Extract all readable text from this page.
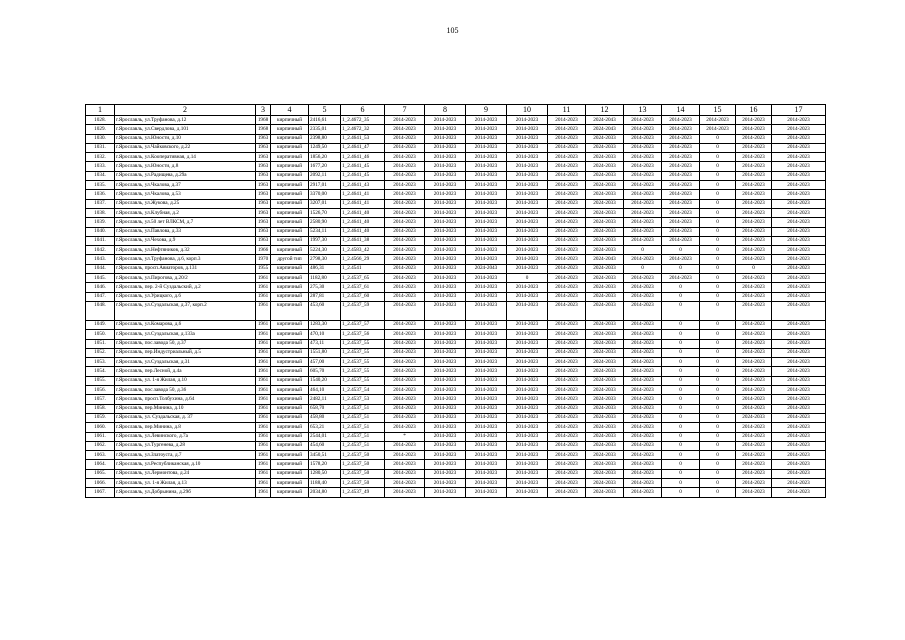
105
1	2	3	4	5	6	7	8	9	10	11	12	13	14	15	16	17
1028.	г.Ярославль, ул.Труфанова, д.12	1968	кирпичный	2416,61	1_2.4672_35	2014-2023	2014-2023	2014-2023	2014-2023	2014-2023	2024-2043	2014-2023	2014-2023	2014-2023	2014-2023	2014-2023
1029.	г.Ярославль, ул.Свердлова, д.101	1968	кирпичный	2335,01	1_2.4672_32	2014-2023	2014-2023	2014-2023	2014-2023	2014-2023	2024-2043	2014-2023	2014-2023	2014-2023	2014-2023	2014-2023
1030.	г.Ярославль, ул.Юности, д.10	1963	кирпичный	2398,80	1_2.4641_53	2014-2023	2014-2023	2014-2023	2014-2023	2014-2023	2024-2033	2014-2023	2014-2023	0	2014-2023	2014-2023
1031.	г.Ярославль, ул.Чайковского, д.22	1963	кирпичный	1249,50	1_2.4641_47	2014-2023	2014-2023	2014-2023	2014-2023	2014-2023	2024-2033	2014-2023	2014-2023	0	2014-2023	2014-2023
1032.	г.Ярославль, ул.Кооперативная, д.14	1963	кирпичный	1856,20	1_2.4641_46	2014-2023	2014-2023	2014-2023	2014-2023	2014-2023	2024-2033	2014-2023	2014-2023	0	2014-2023	2014-2023
1033.	г.Ярославль, ул.Юности, д.8	1963	кирпичный	1677,20	1_2.4641_45	2014-2023	2014-2023	2014-2023	2014-2023	2014-2023	2024-2033	2014-2023	2014-2023	0	2014-2023	2014-2023
1034.	г.Ярославль, ул.Радищева, д.29а	1963	кирпичный	2092,11	1_2.4641_45	2014-2023	2014-2023	2014-2023	2014-2023	2014-2023	2024-2033	2014-2023	2014-2023	0	2014-2023	2014-2023
1035.	г.Ярославль, ул.Чкалова, д.37	1963	кирпичный	2917,01	1_2.4641_43	2014-2023	2014-2023	2014-2023	2014-2023	2014-2023	2024-2033	2014-2023	2014-2023	0	2014-2023	2014-2023
1036.	г.Ярославль, ул.Чкалова, д.53	1963	кирпичный	3370,00	1_2.4641_41	2014-2023	2014-2023	2014-2023	2014-2023	2014-2023	2024-2033	2014-2023	2014-2023	0	2014-2023	2014-2023
1037.	г.Ярославль, ул.Жукова, д.25	1963	кирпичный	3207,01	1_2.4641_41	2014-2023	2014-2023	2014-2023	2014-2023	2014-2023	2024-2033	2014-2023	2014-2023	0	2014-2023	2014-2023
1038.	г.Ярославль, ул.Клубная, д.2	1963	кирпичный	1526,70	1_2.4641_40	2014-2023	2014-2023	2014-2023	2014-2023	2014-2023	2024-2033	2014-2023	2014-2023	0	2014-2023	2014-2023
1039.	г.Ярославль, ул.50 лет ВЛКСМ, д.7	1963	кирпичный	2580,90	1_2.4641_40	2014-2023	2014-2023	2014-2023	2014-2023	2014-2023	2024-2033	2014-2023	2014-2023	0	2014-2023	2014-2023
1040.	г.Ярославль, ул.Павлова, д.33	1963	кирпичный	5234,11	1_2.4641_40	2014-2023	2014-2023	2014-2023	2014-2023	2014-2023	2024-2033	2014-2023	2014-2023	0	2014-2023	2014-2023
1041.	г.Ярославль, ул.Чехова, д.9	1963	кирпичный	1997,30	1_2.4641_38	2014-2023	2014-2023	2014-2023	2014-2023	2014-2023	2024-2033	2014-2023	2014-2023	0	2014-2023	2014-2023
1042.	г.Ярославль, ул.Нефтяников, д.32	1966	кирпичный	5224,30	1_2.4583_42	2014-2023	2014-2023	2014-2023	2014-2023	2014-2023	2024-2033	0	0	0	2014-2023	2014-2023
1043.	г.Ярославль, ул.Труфанова, д.6, корп.3	1970	другой тип	2798,30	1_2.4566_29	2014-2023	2014-2023	2014-2023	2014-2023	2014-2023	2024-2043	2014-2023	2014-2023	0	2014-2023	2014-2023
1044.	г.Ярославль, просп.Авиаторов, д.131	1955	кирпичный	486,31	1_2.4541	2014-2023	2014-2023	2024-2043	2014-2023	2014-2023	2024-2033	0	0	0	0	2014-2023
1045.	г.Ярославль, ул.Пирогова, д.20/2	1961	кирпичный	1182,80	1_2.4537_65	2014-2023	2014-2023	2014-2023	0	2014-2023	2024-2033	2014-2023	2014-2023	0	2014-2023	2014-2023
1046.	г.Ярославль, пер. 2-й Суздальский, д.2	1961	кирпичный	275,30	1_2.4537_61	2014-2023	2014-2023	2014-2023	2014-2023	2014-2023	2024-2033	2014-2023	0	0	2014-2023	2014-2023
1047.	г.Ярославль, ул.Урицкого, д.6	1961	кирпичный	287,81	1_2.4537_60	2014-2023	2014-2023	2014-2023	2014-2023	2014-2023	2024-2033	2014-2023	0	0	2014-2023	2014-2023
1048.	г.Ярославль, ул.Суздальская, д.37, корп.2	1961	кирпичный	453,60	1_2.4537_59	2014-2023	2014-2023	2014-2023	2014-2023	2014-2023	2024-2033	2014-2023	0	0	2014-2023	2014-2023
1049.	г.Ярославль, ул.Комарова, д.6	1961	кирпичный	1283,30	1_2.4537_57	2014-2023	2014-2023	2014-2023	2014-2023	2014-2023	2024-2033	2014-2023	0	0	2014-2023	2014-2023
1050.	г.Ярославль, ул.Суздальская, д.133а	1961	кирпичный	470,10	1_2.4537_56	2014-2023	2014-2023	2014-2023	2014-2023	2014-2023	2024-2033	2014-2023	0	0	2014-2023	2014-2023
1051.	г.Ярославль, пос.завода 50, д.37	1961	кирпичный	473,11	1_2.4537_55	2014-2023	2014-2023	2014-2023	2014-2023	2014-2023	2024-2033	2014-2023	0	0	2014-2023	2014-2023
1052.	г.Ярославль, пер.Индустриальный, д.5	1961	кирпичный	1551,80	1_2.4537_55	2014-2023	2014-2023	2014-2023	2014-2023	2014-2023	2024-2033	2014-2023	0	0	2014-2023	2014-2023
1053.	г.Ярославль, ул.Суздальская, д.31	1961	кирпичный	457,00	1_2.4537_55	2014-2023	2014-2023	2014-2023	2014-2023	2014-2023	2024-2033	2014-2023	0	0	2014-2023	2014-2023
1054.	г.Ярославль, пер.Лесной, д.4а	1961	кирпичный	605,70	1_2.4537_55	2014-2023	2014-2023	2014-2023	2014-2023	2014-2023	2024-2033	2014-2023	0	0	2014-2023	2014-2023
1055.	г.Ярославль, ул. 1-я Жилая, д.10	1961	кирпичный	1540,20	1_2.4537_55	2014-2023	2014-2023	2014-2023	2014-2023	2014-2023	2024-2033	2014-2023	0	0	2014-2023	2014-2023
1056.	г.Ярославль, пос.завода 50, д.36	1961	кирпичный	464,10	1_2.4537_54	2014-2023	2014-2023	2014-2023	2014-2023	2014-2023	2024-2033	2014-2023	0	0	2014-2023	2014-2023
1057.	г.Ярославль, просп.Толбухина, д.64	1961	кирпичный	2482,11	1_2.4537_53	2014-2023	2014-2023	2014-2023	2014-2023	2014-2023	2024-2033	2014-2023	0	0	2014-2023	2014-2023
1058.	г.Ярославль, пер.Минина, д.10	1961	кирпичный	658,70	1_2.4537_51	2014-2023	2014-2023	2014-2023	2014-2023	2014-2023	2024-2033	2014-2023	0	0	2014-2023	2014-2023
1059.	г.Ярославль, ул. Суздальская, д. 37	1961	кирпичный	458,80	1_2.4537_51	2014-2023	2014-2023	2014-2023	2014-2023	2014-2023	2024-2033	2014-2023	0	0	2024-2033	2014-2023
1060.	г.Ярославль, пер.Минина, д.8	1961	кирпичный	653,21	1_2.4537_51	2014-2023	2014-2023	2014-2023	2014-2023	2014-2023	2024-2033	2014-2023	0	0	2014-2023	2014-2023
1061.	г.Ярославль, ул.Левинского, д.7а	1961	кирпичный	2544,01	1_2.4537_51	*	2014-2023	2014-2023	2014-2023	2014-2023	2024-2033	2014-2023	0	0	2014-2023	2014-2023
1062.	г.Ярославль, ул.Тургенева, д.28	1961	кирпичный	454,60	1_2.4537_51	2014-2023	2014-2023	2014-2023	2014-2023	2014-2023	2024-2033	2014-2023	0	0	2014-2023	2014-2023
1063.	г.Ярославль, ул.Златоуста, д.7	1961	кирпичный	3450,51	1_2.4537_50	2014-2023	2014-2023	2014-2023	2014-2023	2014-2023	2024-2033	2014-2023	0	0	2014-2023	2014-2023
1064.	г.Ярославль, ул.Республиканская, д.10	1961	кирпичный	1578,20	1_2.4537_50	2014-2023	2014-2023	2014-2023	2014-2023	2014-2023	2024-2033	2014-2023	0	0	2014-2023	2014-2023
1065.	г.Ярославль, ул.Лермонтова, д.24	1961	кирпичный	1280,50	1_2.4537_50	2014-2023	2014-2023	2014-2023	2014-2023	2014-2023	2024-2033	2014-2023	0	0	2014-2023	2014-2023
1066.	г.Ярославль, ул. 1-я Жилая, д.13	1961	кирпичный	1188,40	1_2.4537_50	2014-2023	2014-2023	2014-2023	2014-2023	2014-2023	2024-2033	2014-2023	0	0	2014-2023	2014-2023
1067.	г.Ярославль, ул.Добрынина, д.29б	1961	кирпичный	2034,80	1_2.4537_49	2014-2023	2014-2023	2014-2023	2014-2023	2014-2023	2024-2033	2014-2023	0	0	2014-2023	2014-2023
